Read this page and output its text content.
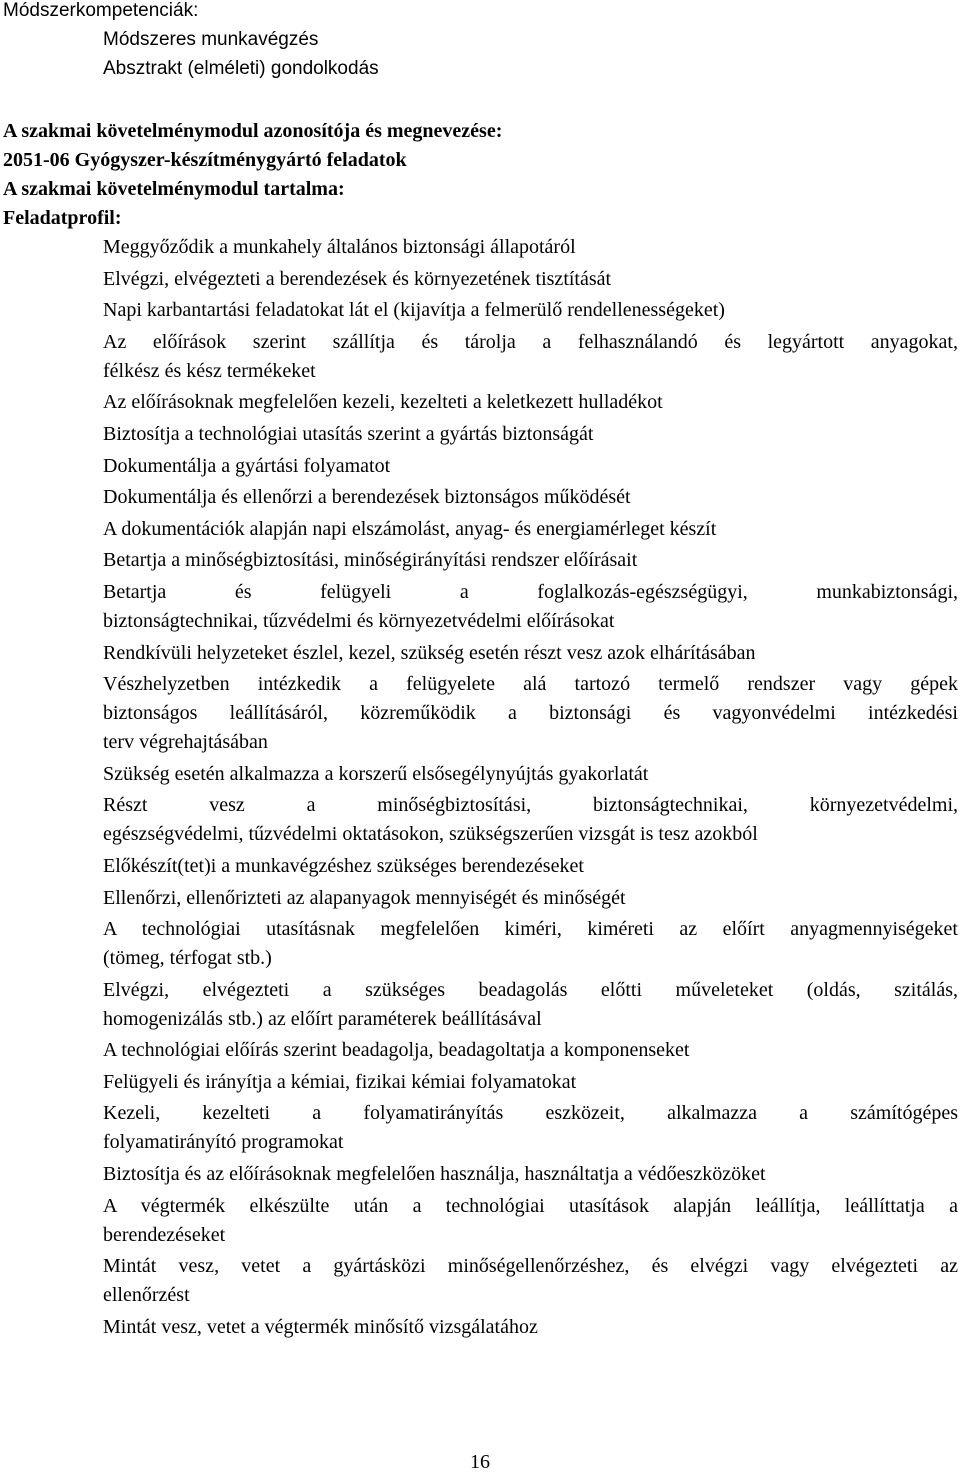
Módszerkompetenciák:
Módszeres munkavégzés
Absztrakt (elméleti) gondolkodás
A szakmai követelménymodul azonosítója és megnevezése:
2051-06 Gyógyszer-készítménygyártó feladatok
A szakmai követelménymodul tartalma:
Feladatprofil:
Meggyőződik a munkahely általános biztonsági állapotáról
Elvégzi, elvégezteti a berendezések és környezetének tisztítását
Napi karbantartási feladatokat lát el (kijavítja a felmerülő rendellenességeket)
Az előírások szerint szállítja és tárolja a felhasználandó és legyártott anyagokat,
félkész és kész termékeket
Az előírásoknak megfelelően kezeli, kezelteti a keletkezett hulladékot
Biztosítja a technológiai utasítás szerint a gyártás biztonságát
Dokumentálja a gyártási folyamatot
Dokumentálja és ellenőrzi a berendezések biztonságos működését
A dokumentációk alapján napi elszámolást, anyag- és energiamérleget készít
Betartja a minőségbiztosítási, minőségirányítási rendszer előírásait
Betartja és felügyeli a foglalkozás-egészségügyi, munkabiztonsági,
biztonságtechnikai, tűzvédelmi és környezetvédelmi előírásokat
Rendkívüli helyzeteket észlel, kezel, szükség esetén részt vesz azok elhárításában
Vészhelyzetben intézkedik a felügyelete alá tartozó termelő rendszer vagy gépek
biztonságos leállításáról, közreműködik a biztonsági és vagyonvédelmi intézkedési
terv végrehajtásában
Szükség esetén alkalmazza a korszerű elsősegélynyújtás gyakorlatát
Részt vesz a minőségbiztosítási, biztonságtechnikai, környezetvédelmi,
egészségvédelmi, tűzvédelmi oktatásokon, szükségszerűen vizsgát is tesz azokból
Előkészít(tet)i a munkavégzéshez szükséges berendezéseket
Ellenőrzi, ellenőrizteti az alapanyagok mennyiségét és minőségét
A technológiai utasításnak megfelelően kiméri, kiméreti az előírt anyagmennyiségeket
(tömeg, térfogat stb.)
Elvégzi, elvégezteti a szükséges beadagolás előtti műveleteket (oldás, szitálás,
homogenizálás stb.) az előírt paraméterek beállításával
A technológiai előírás szerint beadagolja, beadagoltatja a komponenseket
Felügyeli és irányítja a kémiai, fizikai kémiai folyamatokat
Kezeli, kezelteti a folyamatirányítás eszközeit, alkalmazza a számítógépes
folyamatirányító programokat
Biztosítja és az előírásoknak megfelelően használja, használtatja a védőeszközöket
A végtermék elkészülte után a technológiai utasítások alapján leállítja, leállíttatja a
berendezéseket
Mintát vesz, vetet a gyártásközi minőségellenőrzéshez, és elvégzi vagy elvégezteti az
ellenőrzést
Mintát vesz, vetet a végtermék minősítő vizsgálatához
16
